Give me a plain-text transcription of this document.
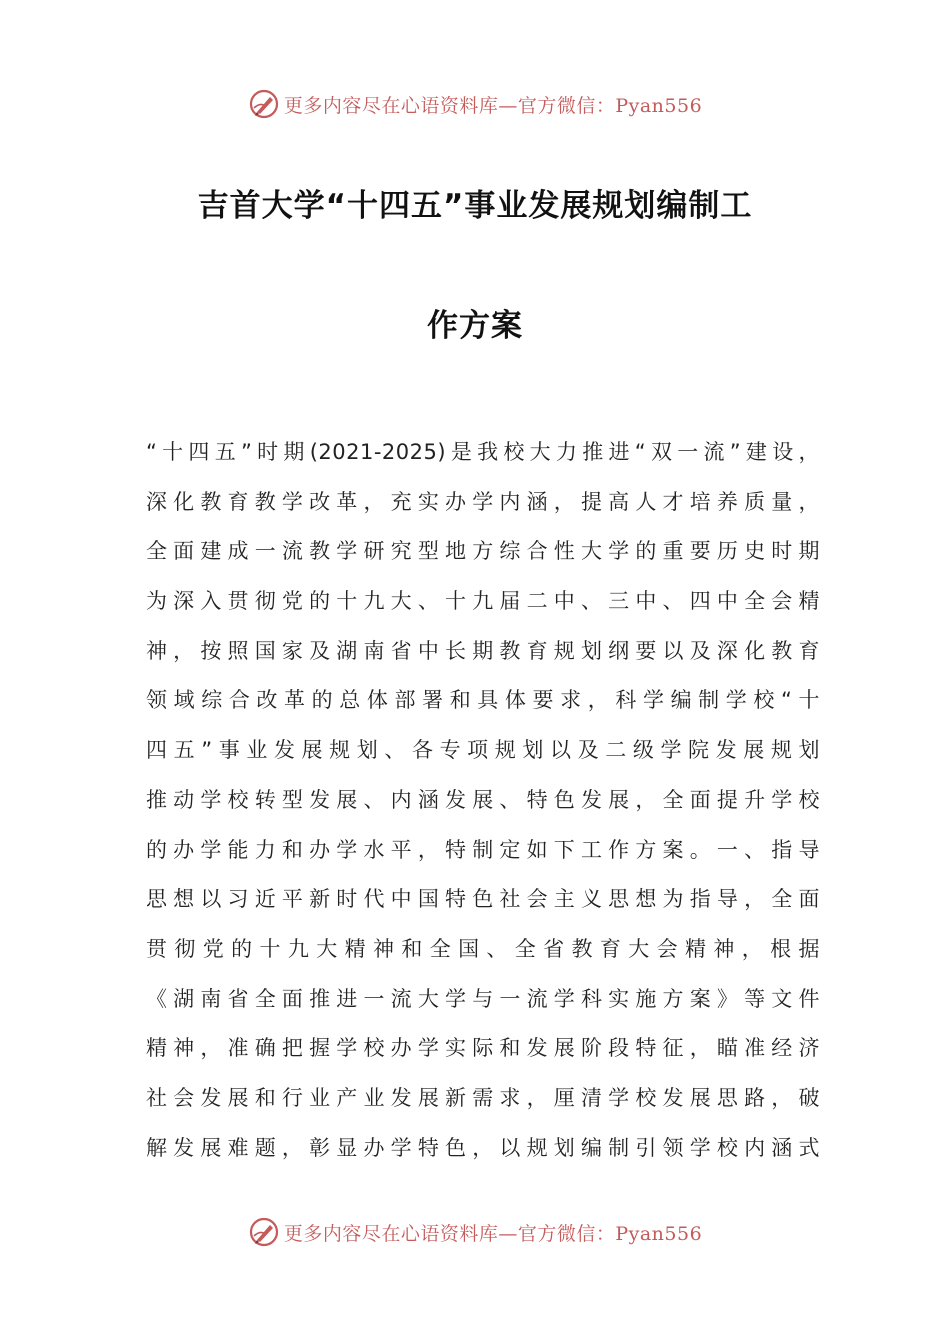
更多内容尽在心语资料库—官方微信：Pyan556
吉首大学“十四五”事业发展规划编制工
作方案
“十四五”时期(2021-2025)是我校大力推进“双一流”建设，
深化教育教学改革，充实办学内涵，提高人才培养质量，
全面建成一流教学研究型地方综合性大学的重要历史时期
为深入贯彻党的十九大、十九届二中、三中、四中全会精
神，按照国家及湖南省中长期教育规划纲要以及深化教育
领域综合改革的总体部署和具体要求，科学编制学校“十
四五”事业发展规划、各专项规划以及二级学院发展规划
推动学校转型发展、内涵发展、特色发展，全面提升学校
的办学能力和办学水平，特制定如下工作方案。一、指导
思想以习近平新时代中国特色社会主义思想为指导，全面
贯彻党的十九大精神和全国、全省教育大会精神，根据
《湖南省全面推进一流大学与一流学科实施方案》等文件
精神，准确把握学校办学实际和发展阶段特征，瞄准经济
社会发展和行业产业发展新需求，厘清学校发展思路，破
解发展难题，彰显办学特色，以规划编制引领学校内涵式
更多内容尽在心语资料库—官方微信：Pyan556
